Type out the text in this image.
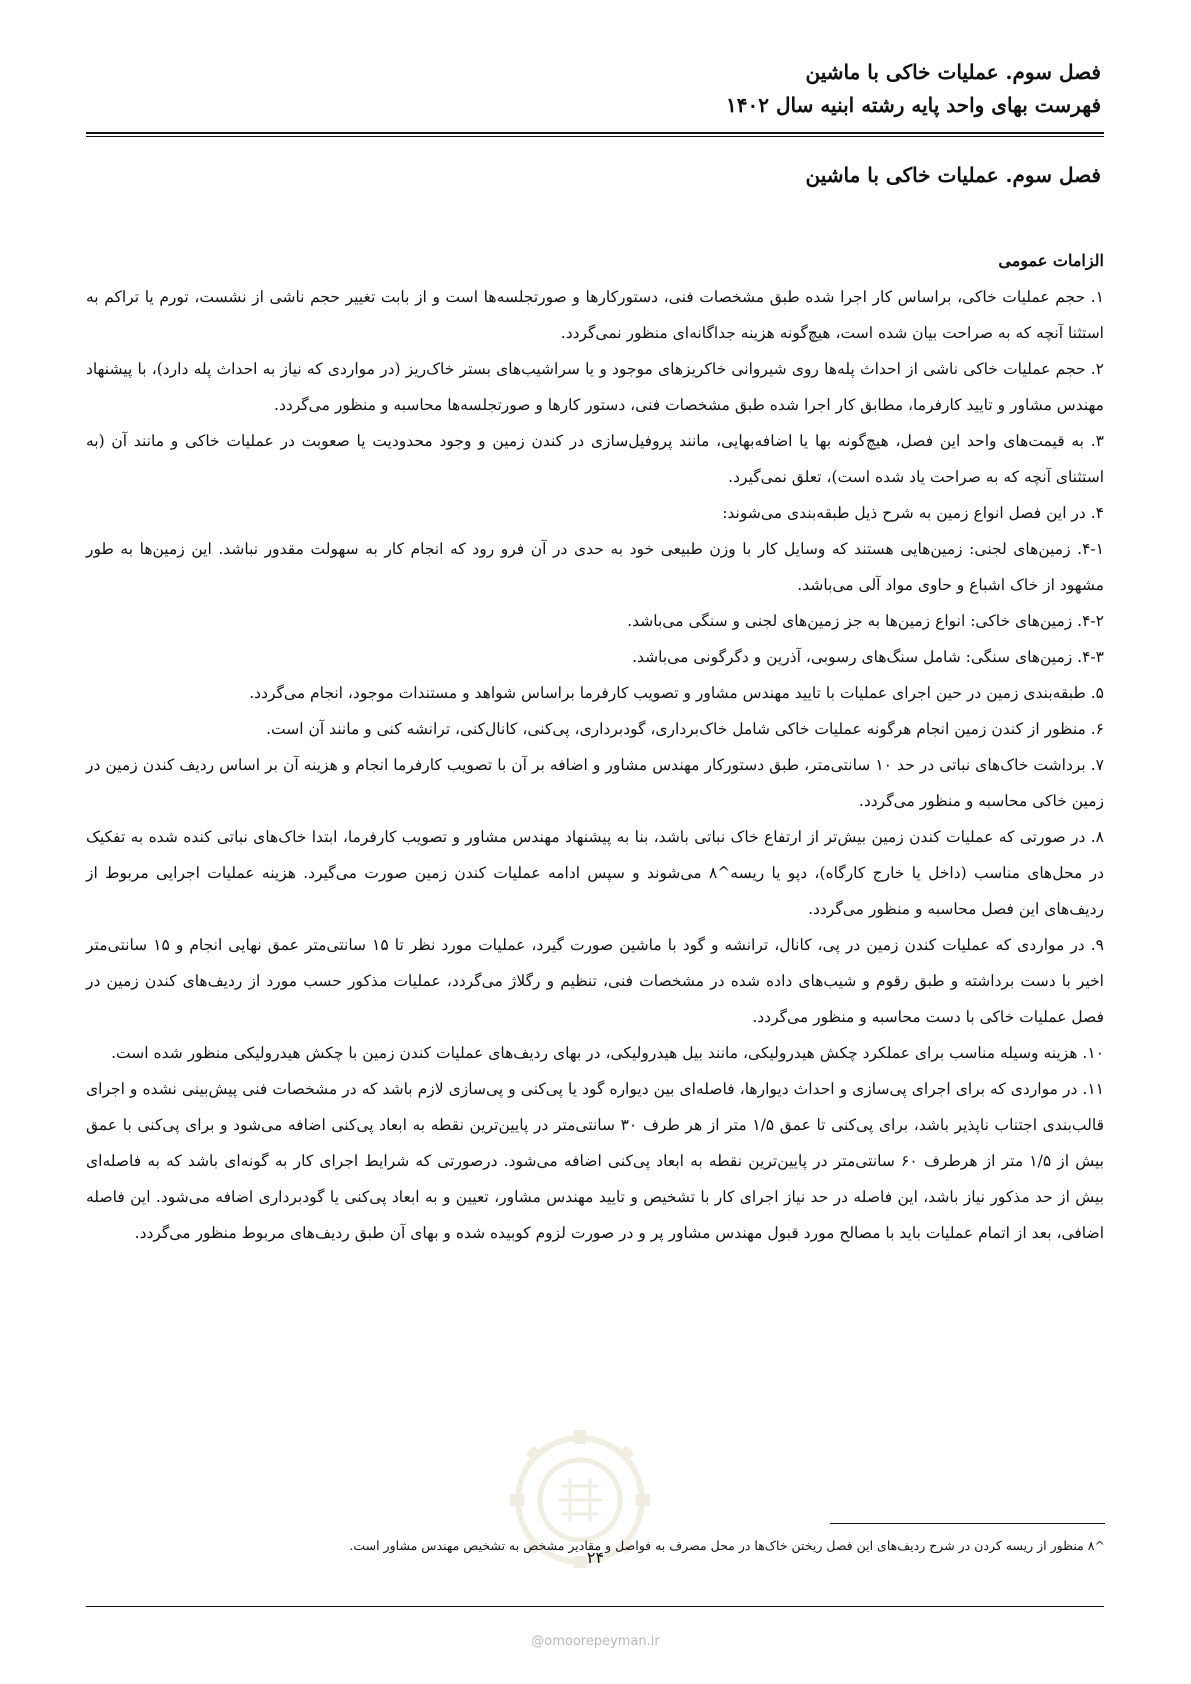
فصل سوم. عملیات خاکی با ماشین
فهرست بهای واحد پایه رشته ابنیه سال ۱۴۰۲
فصل سوم. عملیات خاکی با ماشین
الزامات عمومی

۱. حجم عملیات خاکی، براساس کار اجرا شده طبق مشخصات فنی، دستورکارها و صورتجلسه‌ها است و از بابت تغییر حجم ناشی از نشست، تورم یا تراکم به استثنا آنچه که به صراحت بیان شده است، هیچ‌گونه هزینه جداگانه‌ای منظور نمی‌گردد.

۲. حجم عملیات خاکی ناشی از احداث پله‌ها روی شیروانی خاکریزهای موجود و یا سراشیب‌های بستر خاک‌ریز (در مواردی که نیاز به احداث پله دارد)، با پیشنهاد مهندس مشاور و تایید کارفرما، مطابق کار اجرا شده طبق مشخصات فنی، دستور کارها و صورتجلسه‌ها محاسبه و منظور می‌گردد.

۳. به قیمت‌های واحد این فصل، هیچ‌گونه بها یا اضافه‌بهایی، مانند پروفیل‌سازی در کندن زمین و وجود محدودیت یا صعوبت در عملیات خاکی و مانند آن (به استثنای آنچه که به صراحت یاد شده است)، تعلق نمی‌گیرد.

۴. در این فصل انواع زمین به شرح ذیل طبقه‌بندی می‌شوند:

۴-۱. زمین‌های لجنی: زمین‌هایی هستند که وسایل کار با وزن طبیعی خود به حدی در آن فرو رود که انجام کار به سهولت مقدور نباشد. این زمین‌ها به طور مشهود از خاک اشباع و حاوی مواد آلی می‌باشد.

۴-۲. زمین‌های خاکی: انواع زمین‌ها به جز زمین‌های لجنی و سنگی می‌باشد.

۴-۳. زمین‌های سنگی: شامل سنگ‌های رسوبی، آذرین و دگرگونی می‌باشد.

۵. طبقه‌بندی زمین در حین اجرای عملیات با تایید مهندس مشاور و تصویب کارفرما براساس شواهد و مستندات موجود، انجام می‌گردد.

۶. منظور از کندن زمین انجام هرگونه عملیات خاکی شامل خاک‌برداری، گودبرداری، پی‌کنی، کانال‌کنی، ترانشه کنی و مانند آن است.

۷. برداشت خاک‌های نباتی در حد ۱۰ سانتی‌متر، طبق دستورکار مهندس مشاور و اضافه بر آن با تصویب کارفرما انجام و هزینه آن بر اساس ردیف کندن زمین در زمین خاکی محاسبه و منظور می‌گردد.

۸. در صورتی که عملیات کندن زمین بیش‌تر از ارتفاع خاک نباتی باشد، بنا به پیشنهاد مهندس مشاور و تصویب کارفرما، ابتدا خاک‌های نباتی کنده شده به تفکیک در محل‌های مناسب (داخل یا خارج کارگاه)، دپو یا ریسه^۸ می‌شوند و سپس ادامه عملیات کندن زمین صورت می‌گیرد. هزینه عملیات اجرایی مربوط از ردیف‌های این فصل محاسبه و منظور می‌گردد.

۹. در مواردی که عملیات کندن زمین در پی، کانال، ترانشه و گود با ماشین صورت گیرد، عملیات مورد نظر تا ۱۵ سانتی‌متر عمق نهایی انجام و ۱۵ سانتی‌متر اخیر با دست برداشته و طبق رقوم و شیب‌های داده شده در مشخصات فنی، تنظیم و رگلاژ می‌گردد، عملیات مذکور حسب مورد از ردیف‌های کندن زمین در فصل عملیات خاکی با دست محاسبه و منظور می‌گردد.

۱۰. هزینه وسیله مناسب برای عملکرد چکش هیدرولیکی، مانند بیل هیدرولیکی، در بهای ردیف‌های عملیات کندن زمین با چکش هیدرولیکی منظور شده است.

۱۱. در مواردی که برای اجرای پی‌سازی و احداث دیوارها، فاصله‌ای بین دیواره گود یا پی‌کنی و پی‌سازی لازم باشد که در مشخصات فنی پیش‌بینی نشده و اجرای قالب‌بندی اجتناب ناپذیر باشد، برای پی‌کنی تا عمق ۱/۵ متر از هر طرف ۳۰ سانتی‌متر در پایین‌ترین نقطه به ابعاد پی‌کنی اضافه می‌شود و برای پی‌کنی با عمق بیش از ۱/۵ متر از هرطرف ۶۰ سانتی‌متر در پایین‌ترین نقطه به ابعاد پی‌کنی اضافه می‌شود. درصورتی که شرایط اجرای کار به گونه‌ای باشد که به فاصله‌ای بیش از حد مذکور نیاز باشد، این فاصله در حد نیاز اجرای کار با تشخیص و تایید مهندس مشاور، تعیین و به ابعاد پی‌کنی یا گودبرداری اضافه می‌شود. این فاصله اضافی، بعد از اتمام عملیات باید با مصالح مورد قبول مهندس مشاور پر و در صورت لزوم کوبیده شده و بهای آن طبق ردیف‌های مربوط منظور می‌گردد.

^۸ منظور از ریسه کردن در شرح ردیف‌های این فصل ریختن خاک‌ها در محل مصرف به فواصل و مقادیر مشخص به تشخیص مهندس مشاور است.
۲۴
@omoorepeyman.ir
